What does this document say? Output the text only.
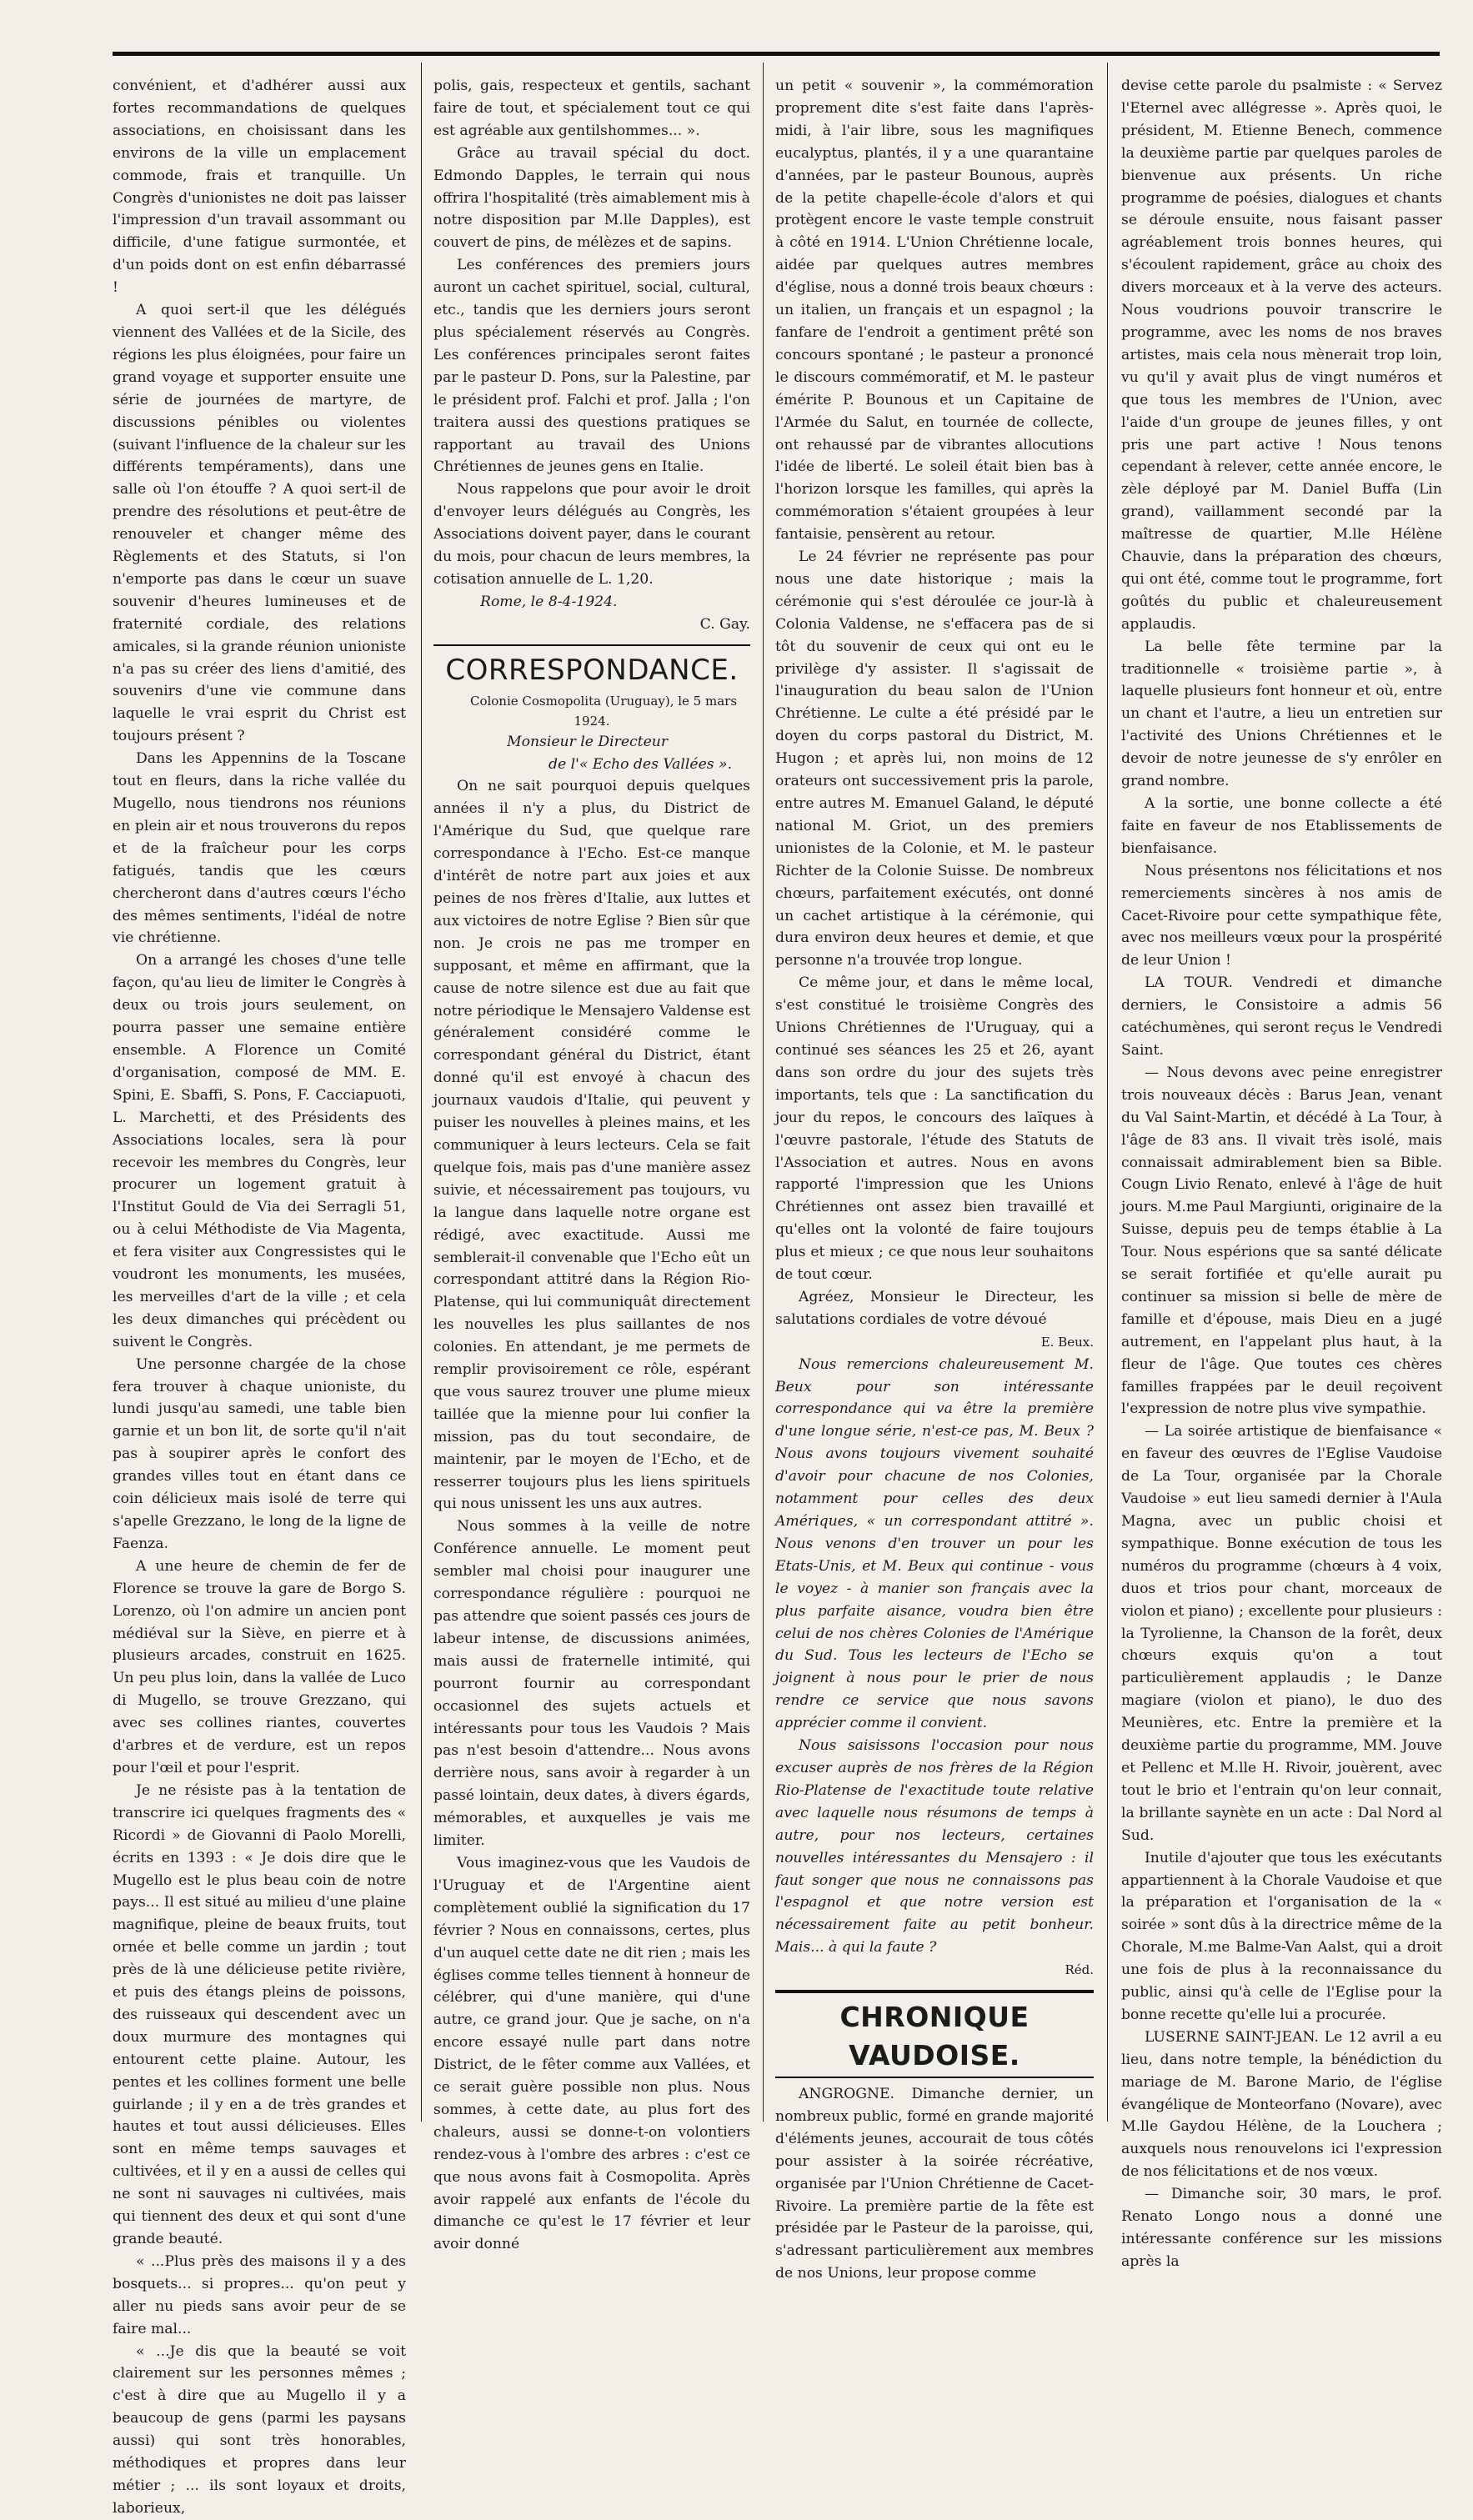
convénient, et d'adhérer aussi aux fortes recommandations de quelques associations, en choisissant dans les environs de la ville un emplacement commode, frais et tranquille. Un Congrès d'unionistes ne doit pas laisser l'impression d'un travail assommant ou difficile, d'une fatigue surmontée, et d'un poids dont on est enfin débarrassé !

A quoi sert-il que les délégués viennent des Vallées et de la Sicile, des régions les plus éloignées, pour faire un grand voyage et supporter ensuite une série de journées de martyre, de discussions pénibles ou violentes (suivant l'influence de la chaleur sur les différents tempéraments), dans une salle où l'on étouffe ? A quoi sert-il de prendre des résolutions et peut-être de renouveler et changer même des Règlements et des Statuts, si l'on n'emporte pas dans le cœur un suave souvenir d'heures lumineuses et de fraternité cordiale, des relations amicales, si la grande réunion unioniste n'a pas su créer des liens d'amitié, des souvenirs d'une vie commune dans laquelle le vrai esprit du Christ est toujours présent ?

Dans les Appennins de la Toscane tout en fleurs, dans la riche vallée du Mugello, nous tiendrons nos réunions en plein air et nous trouverons du repos et de la fraîcheur pour les corps fatigués, tandis que les cœurs chercheront dans d'autres cœurs l'écho des mêmes sentiments, l'idéal de notre vie chrétienne.

On a arrangé les choses d'une telle façon, qu'au lieu de limiter le Congrès à deux ou trois jours seulement, on pourra passer une semaine entière ensemble. A Florence un Comité d'organisation, composé de MM. E. Spini, E. Sbaffi, S. Pons, F. Cacciapuoti, L. Marchetti, et des Présidents des Associations locales, sera là pour recevoir les membres du Congrès, leur procurer un logement gratuit à l'Institut Gould de Via dei Serragli 51, ou à celui Méthodiste de Via Magenta, et fera visiter aux Congressistes qui le voudront les monuments, les musées, les merveilles d'art de la ville ; et cela les deux dimanches qui précèdent ou suivent le Congrès.

Une personne chargée de la chose fera trouver à chaque unioniste, du lundi jusqu'au samedi, une table bien garnie et un bon lit, de sorte qu'il n'ait pas à soupirer après le confort des grandes villes tout en étant dans ce coin délicieux mais isolé de terre qui s'apelle Grezzano, le long de la ligne de Faenza.

A une heure de chemin de fer de Florence se trouve la gare de Borgo S. Lorenzo, où l'on admire un ancien pont médiéval sur la Siève, en pierre et à plusieurs arcades, construit en 1625. Un peu plus loin, dans la vallée de Luco di Mugello, se trouve Grezzano, qui avec ses collines riantes, couvertes d'arbres et de verdure, est un repos pour l'œil et pour l'esprit.

Je ne résiste pas à la tentation de transcrire ici quelques fragments des « Ricordi » de Giovanni di Paolo Morelli, écrits en 1393 : « Je dois dire que le Mugello est le plus beau coin de notre pays... Il est situé au milieu d'une plaine magnifique, pleine de beaux fruits, tout ornée et belle comme un jardin ; tout près de là une délicieuse petite rivière, et puis des étangs pleins de poissons, des ruisseaux qui descendent avec un doux murmure des montagnes qui entourent cette plaine. Autour, les pentes et les collines forment une belle guirlande ; il y en a de très grandes et hautes et tout aussi délicieuses. Elles sont en même temps sauvages et cultivées, et il y en a aussi de celles qui ne sont ni sauvages ni cultivées, mais qui tiennent des deux et qui sont d'une grande beauté.

« ...Plus près des maisons il y a des bosquets... si propres... qu'on peut y aller nu pieds sans avoir peur de se faire mal...

« ...Je dis que la beauté se voit clairement sur les personnes mêmes ; c'est à dire que au Mugello il y a beaucoup de gens (parmi les paysans aussi) qui sont très honorables, méthodiques et propres dans leur métier ; ... ils sont loyaux et droits, laborieux,

polis, gais, respecteux et gentils, sachant faire de tout, et spécialement tout ce qui est agréable aux gentilshommes... ».

Grâce au travail spécial du doct. Edmondo Dapples, le terrain qui nous offrira l'hospitalité (très aimablement mis à notre disposition par M.lle Dapples), est couvert de pins, de mélèzes et de sapins.

Les conférences des premiers jours auront un cachet spirituel, social, cultural, etc., tandis que les derniers jours seront plus spécialement réservés au Congrès. Les conférences principales seront faites par le pasteur D. Pons, sur la Palestine, par le président prof. Falchi et prof. Jalla ; l'on traitera aussi des questions pratiques se rapportant au travail des Unions Chrétiennes de jeunes gens en Italie.

Nous rappelons que pour avoir le droit d'envoyer leurs délégués au Congrès, les Associations doivent payer, dans le courant du mois, pour chacun de leurs membres, la cotisation annuelle de L. 1,20.

Rome, le 8-4-1924.

C. Gay.

CORRESPONDANCE.

Colonie Cosmopolita (Uruguay), le 5 mars 1924.

Monsieur le Directeur

de l'« Echo des Vallées ».

On ne sait pourquoi depuis quelques années il n'y a plus, du District de l'Amérique du Sud, que quelque rare correspondance à l'Echo. Est-ce manque d'intérêt de notre part aux joies et aux peines de nos frères d'Italie, aux luttes et aux victoires de notre Eglise ? Bien sûr que non. Je crois ne pas me tromper en supposant, et même en affirmant, que la cause de notre silence est due au fait que notre périodique le Mensajero Valdense est généralement considéré comme le correspondant général du District, étant donné qu'il est envoyé à chacun des journaux vaudois d'Italie, qui peuvent y puiser les nouvelles à pleines mains, et les communiquer à leurs lecteurs. Cela se fait quelque fois, mais pas d'une manière assez suivie, et nécessairement pas toujours, vu la langue dans laquelle notre organe est rédigé, avec exactitude. Aussi me semblerait-il convenable que l'Echo eût un correspondant attitré dans la Région Rio-Platense, qui lui communiquât directement les nouvelles les plus saillantes de nos colonies. En attendant, je me permets de remplir provisoirement ce rôle, espérant que vous saurez trouver une plume mieux taillée que la mienne pour lui confier la mission, pas du tout secondaire, de maintenir, par le moyen de l'Echo, et de resserrer toujours plus les liens spirituels qui nous unissent les uns aux autres.

Nous sommes à la veille de notre Conférence annuelle. Le moment peut sembler mal choisi pour inaugurer une correspondance régulière : pourquoi ne pas attendre que soient passés ces jours de labeur intense, de discussions animées, mais aussi de fraternelle intimité, qui pourront fournir au correspondant occasionnel des sujets actuels et intéressants pour tous les Vaudois ? Mais pas n'est besoin d'attendre... Nous avons derrière nous, sans avoir à regarder à un passé lointain, deux dates, à divers égards, mémorables, et auxquelles je vais me limiter.

Vous imaginez-vous que les Vaudois de l'Uruguay et de l'Argentine aient complètement oublié la signification du 17 février ? Nous en connaissons, certes, plus d'un auquel cette date ne dit rien ; mais les églises comme telles tiennent à honneur de célébrer, qui d'une manière, qui d'une autre, ce grand jour. Que je sache, on n'a encore essayé nulle part dans notre District, de le fêter comme aux Vallées, et ce serait guère possible non plus. Nous sommes, à cette date, au plus fort des chaleurs, aussi se donne-t-on volontiers rendez-vous à l'ombre des arbres : c'est ce que nous avons fait à Cosmopolita. Après avoir rappelé aux enfants de l'école du dimanche ce qu'est le 17 février et leur avoir donné

un petit « souvenir », la commémoration proprement dite s'est faite dans l'après-midi, à l'air libre, sous les magnifiques eucalyptus, plantés, il y a une quarantaine d'années, par le pasteur Bounous, auprès de la petite chapelle-école d'alors et qui protègent encore le vaste temple construit à côté en 1914. L'Union Chrétienne locale, aidée par quelques autres membres d'église, nous a donné trois beaux chœurs : un italien, un français et un espagnol ; la fanfare de l'endroit a gentiment prêté son concours spontané ; le pasteur a prononcé le discours commémoratif, et M. le pasteur émérite P. Bounous et un Capitaine de l'Armée du Salut, en tournée de collecte, ont rehaussé par de vibrantes allocutions l'idée de liberté. Le soleil était bien bas à l'horizon lorsque les familles, qui après la commémoration s'étaient groupées à leur fantaisie, pensèrent au retour.

Le 24 février ne représente pas pour nous une date historique ; mais la cérémonie qui s'est déroulée ce jour-là à Colonia Valdense, ne s'effacera pas de si tôt du souvenir de ceux qui ont eu le privilège d'y assister. Il s'agissait de l'inauguration du beau salon de l'Union Chrétienne. Le culte a été présidé par le doyen du corps pastoral du District, M. Hugon ; et après lui, non moins de 12 orateurs ont successivement pris la parole, entre autres M. Emanuel Galand, le député national M. Griot, un des premiers unionistes de la Colonie, et M. le pasteur Richter de la Colonie Suisse. De nombreux chœurs, parfaitement exécutés, ont donné un cachet artistique à la cérémonie, qui dura environ deux heures et demie, et que personne n'a trouvée trop longue.

Ce même jour, et dans le même local, s'est constitué le troisième Congrès des Unions Chrétiennes de l'Uruguay, qui a continué ses séances les 25 et 26, ayant dans son ordre du jour des sujets très importants, tels que : La sanctification du jour du repos, le concours des laïques à l'œuvre pastorale, l'étude des Statuts de l'Association et autres. Nous en avons rapporté l'impression que les Unions Chrétiennes ont assez bien travaillé et qu'elles ont la volonté de faire toujours plus et mieux ; ce que nous leur souhaitons de tout cœur.

Agréez, Monsieur le Directeur, les salutations cordiales de votre dévoué

E. Beux.

Nous remercions chaleureusement M. Beux pour son intéressante correspondance qui va être la première d'une longue série, n'est-ce pas, M. Beux ? Nous avons toujours vivement souhaité d'avoir pour chacune de nos Colonies, notamment pour celles des deux Amériques, « un correspondant attitré ». Nous venons d'en trouver un pour les Etats-Unis, et M. Beux qui continue - vous le voyez - à manier son français avec la plus parfaite aisance, voudra bien être celui de nos chères Colonies de l'Amérique du Sud. Tous les lecteurs de l'Echo se joignent à nous pour le prier de nous rendre ce service que nous savons apprécier comme il convient.

Nous saisissons l'occasion pour nous excuser auprès de nos frères de la Région Rio-Platense de l'exactitude toute relative avec laquelle nous résumons de temps à autre, pour nos lecteurs, certaines nouvelles intéressantes du Mensajero : il faut songer que nous ne connaissons pas l'espagnol et que notre version est nécessairement faite au petit bonheur. Mais... à qui la faute ?

Réd.

CHRONIQUE VAUDOISE.

ANGROGNE. Dimanche dernier, un nombreux public, formé en grande majorité d'éléments jeunes, accourait de tous côtés pour assister à la soirée récréative, organisée par l'Union Chrétienne de Cacet-Rivoire. La première partie de la fête est présidée par le Pasteur de la paroisse, qui, s'adressant particulièrement aux membres de nos Unions, leur propose comme

devise cette parole du psalmiste : « Servez l'Eternel avec allégresse ». Après quoi, le président, M. Etienne Benech, commence la deuxième partie par quelques paroles de bienvenue aux présents. Un riche programme de poésies, dialogues et chants se déroule ensuite, nous faisant passer agréablement trois bonnes heures, qui s'écoulent rapidement, grâce au choix des divers morceaux et à la verve des acteurs. Nous voudrions pouvoir transcrire le programme, avec les noms de nos braves artistes, mais cela nous mènerait trop loin, vu qu'il y avait plus de vingt numéros et que tous les membres de l'Union, avec l'aide d'un groupe de jeunes filles, y ont pris une part active ! Nous tenons cependant à relever, cette année encore, le zèle déployé par M. Daniel Buffa (Lin grand), vaillamment secondé par la maîtresse de quartier, M.lle Hélène Chauvie, dans la préparation des chœurs, qui ont été, comme tout le programme, fort goûtés du public et chaleureusement applaudis.

La belle fête termine par la traditionnelle « troisième partie », à laquelle plusieurs font honneur et où, entre un chant et l'autre, a lieu un entretien sur l'activité des Unions Chrétiennes et le devoir de notre jeunesse de s'y enrôler en grand nombre.

A la sortie, une bonne collecte a été faite en faveur de nos Etablissements de bienfaisance.

Nous présentons nos félicitations et nos remerciements sincères à nos amis de Cacet-Rivoire pour cette sympathique fête, avec nos meilleurs vœux pour la prospérité de leur Union !

LA TOUR. Vendredi et dimanche derniers, le Consistoire a admis 56 catéchumènes, qui seront reçus le Vendredi Saint.

— Nous devons avec peine enregistrer trois nouveaux décès : Barus Jean, venant du Val Saint-Martin, et décédé à La Tour, à l'âge de 83 ans. Il vivait très isolé, mais connaissait admirablement bien sa Bible. Cougn Livio Renato, enlevé à l'âge de huit jours. M.me Paul Margiunti, originaire de la Suisse, depuis peu de temps établie à La Tour. Nous espérions que sa santé délicate se serait fortifiée et qu'elle aurait pu continuer sa mission si belle de mère de famille et d'épouse, mais Dieu en a jugé autrement, en l'appelant plus haut, à la fleur de l'âge. Que toutes ces chères familles frappées par le deuil reçoivent l'expression de notre plus vive sympathie.

— La soirée artistique de bienfaisance « en faveur des œuvres de l'Eglise Vaudoise de La Tour, organisée par la Chorale Vaudoise » eut lieu samedi dernier à l'Aula Magna, avec un public choisi et sympathique. Bonne exécution de tous les numéros du programme (chœurs à 4 voix, duos et trios pour chant, morceaux de violon et piano) ; excellente pour plusieurs : la Tyrolienne, la Chanson de la forêt, deux chœurs exquis qu'on a tout particulièrement applaudis ; le Danze magiare (violon et piano), le duo des Meunières, etc. Entre la première et la deuxième partie du programme, MM. Jouve et Pellenc et M.lle H. Rivoir, jouèrent, avec tout le brio et l'entrain qu'on leur connait, la brillante saynète en un acte : Dal Nord al Sud.

Inutile d'ajouter que tous les exécutants appartiennent à la Chorale Vaudoise et que la préparation et l'organisation de la « soirée » sont dûs à la directrice même de la Chorale, M.me Balme-Van Aalst, qui a droit une fois de plus à la reconnaissance du public, ainsi qu'à celle de l'Eglise pour la bonne recette qu'elle lui a procurée.

LUSERNE SAINT-JEAN. Le 12 avril a eu lieu, dans notre temple, la bénédiction du mariage de M. Barone Mario, de l'église évangélique de Monteorfano (Novare), avec M.lle Gaydou Hélène, de la Louchera ; auxquels nous renouvelons ici l'expression de nos félicitations et de nos vœux.

— Dimanche soir, 30 mars, le prof. Renato Longo nous a donné une intéressante conférence sur les missions après la
